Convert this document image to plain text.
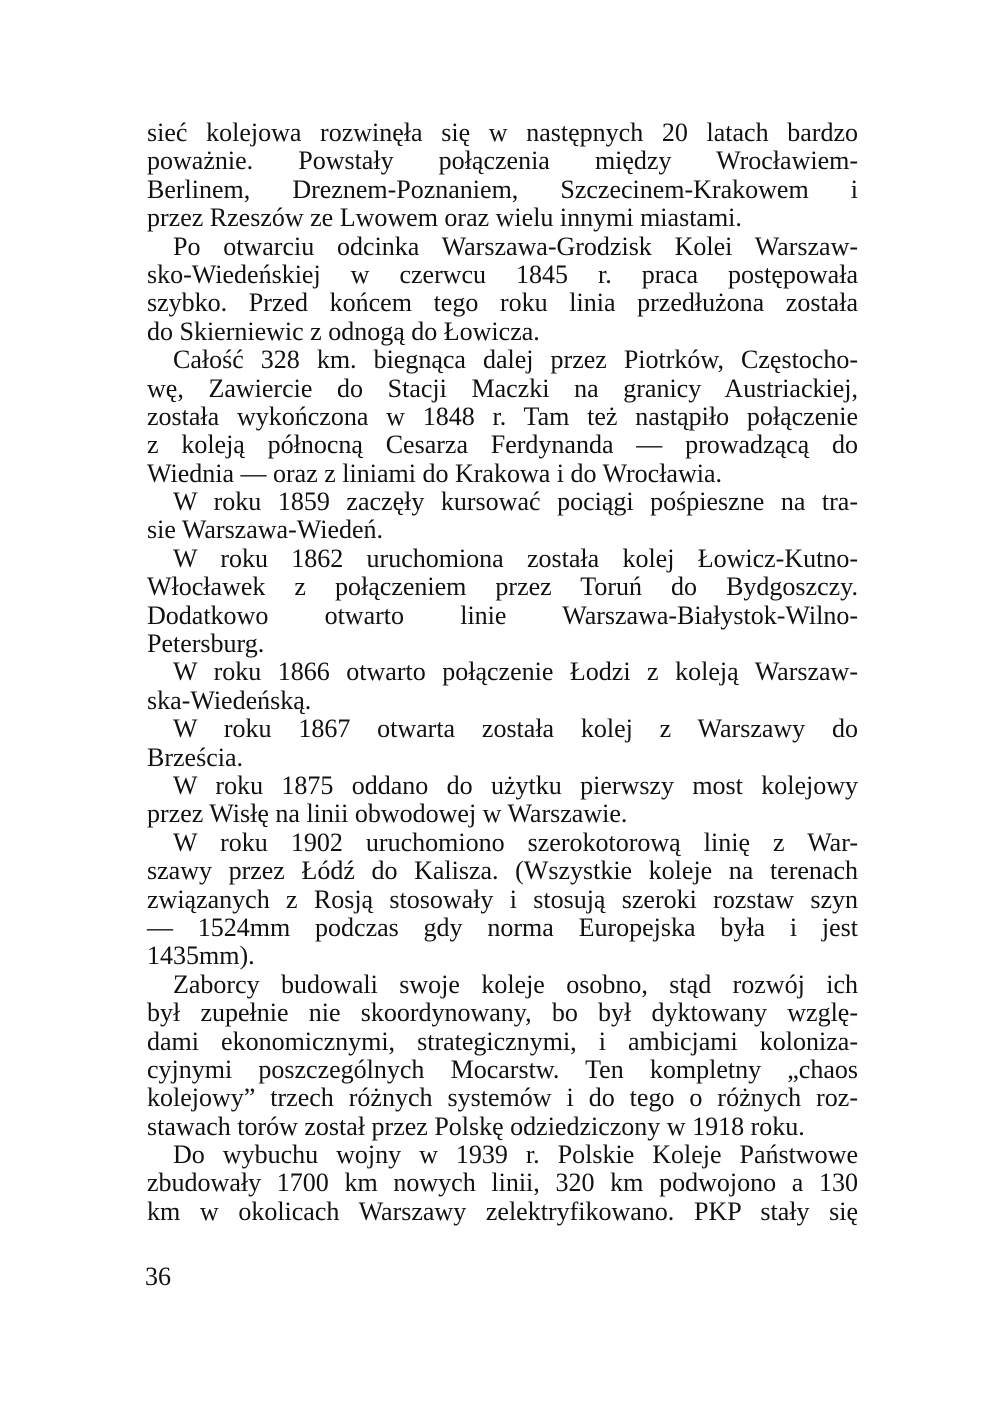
sieć kolejowa rozwinęła się w następnych 20 latach bardzo
poważnie. Powstały połączenia między Wrocławiem-
Berlinem, Dreznem-Poznaniem, Szczecinem-Krakowem i
przez Rzeszów ze Lwowem oraz wielu innymi miastami.
Po otwarciu odcinka Warszawa-Grodzisk Kolei Warszaw-
sko-Wiedeńskiej w czerwcu 1845 r. praca postępowała
szybko. Przed końcem tego roku linia przedłużona została
do Skierniewic z odnogą do Łowicza.
Całość 328 km. biegnąca dalej przez Piotrków, Częstocho-
wę, Zawiercie do Stacji Maczki na granicy Austriackiej,
została wykończona w 1848 r. Tam też nastąpiło połączenie
z koleją północną Cesarza Ferdynanda — prowadzącą do
Wiednia — oraz z liniami do Krakowa i do Wrocławia.
W roku 1859 zaczęły kursować pociągi pośpieszne na tra-
sie Warszawa-Wiedeń.
W roku 1862 uruchomiona została kolej Łowicz-Kutno-
Włocławek z połączeniem przez Toruń do Bydgoszczy.
Dodatkowo otwarto linie Warszawa-Białystok-Wilno-
Petersburg.
W roku 1866 otwarto połączenie Łodzi z koleją Warszaw-
ska-Wiedeńską.
W roku 1867 otwarta została kolej z Warszawy do
Brześcia.
W roku 1875 oddano do użytku pierwszy most kolejowy
przez Wisłę na linii obwodowej w Warszawie.
W roku 1902 uruchomiono szerokotorową linię z War-
szawy przez Łódź do Kalisza. (Wszystkie koleje na terenach
związanych z Rosją stosowały i stosują szeroki rozstaw szyn
— 1524mm podczas gdy norma Europejska była i jest
1435mm).
Zaborcy budowali swoje koleje osobno, stąd rozwój ich
był zupełnie nie skoordynowany, bo był dyktowany wzglę-
dami ekonomicznymi, strategicznymi, i ambicjami koloniza-
cyjnymi poszczególnych Mocarstw. Ten kompletny „chaos
kolejowy” trzech różnych systemów i do tego o różnych roz-
stawach torów został przez Polskę odziedziczony w 1918 roku.
Do wybuchu wojny w 1939 r. Polskie Koleje Państwowe
zbudowały 1700 km nowych linii, 320 km podwojono a 130
km w okolicach Warszawy zelektryfikowano. PKP stały się
36
